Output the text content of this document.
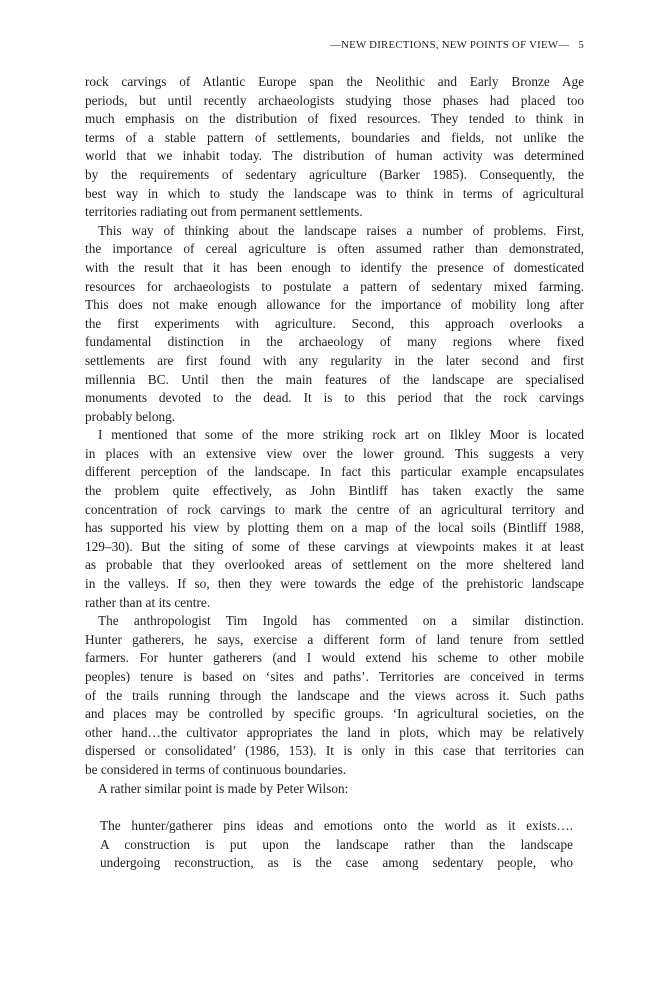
—NEW DIRECTIONS, NEW POINTS OF VIEW— 5
rock carvings of Atlantic Europe span the Neolithic and Early Bronze Age
periods, but until recently archaeologists studying those phases had placed too
much emphasis on the distribution of fixed resources. They tended to think in
terms of a stable pattern of settlements, boundaries and fields, not unlike the
world that we inhabit today. The distribution of human activity was determined
by the requirements of sedentary agriculture (Barker 1985). Consequently, the
best way in which to study the landscape was to think in terms of agricultural
territories radiating out from permanent settlements.
This way of thinking about the landscape raises a number of problems. First,
the importance of cereal agriculture is often assumed rather than demonstrated,
with the result that it has been enough to identify the presence of domesticated
resources for archaeologists to postulate a pattern of sedentary mixed farming.
This does not make enough allowance for the importance of mobility long after
the first experiments with agriculture. Second, this approach overlooks a
fundamental distinction in the archaeology of many regions where fixed
settlements are first found with any regularity in the later second and first
millennia BC. Until then the main features of the landscape are specialised
monuments devoted to the dead. It is to this period that the rock carvings
probably belong.
I mentioned that some of the more striking rock art on Ilkley Moor is located
in places with an extensive view over the lower ground. This suggests a very
different perception of the landscape. In fact this particular example encapsulates
the problem quite effectively, as John Bintliff has taken exactly the same
concentration of rock carvings to mark the centre of an agricultural territory and
has supported his view by plotting them on a map of the local soils (Bintliff 1988,
129–30). But the siting of some of these carvings at viewpoints makes it at least
as probable that they overlooked areas of settlement on the more sheltered land
in the valleys. If so, then they were towards the edge of the prehistoric landscape
rather than at its centre.
The anthropologist Tim Ingold has commented on a similar distinction.
Hunter gatherers, he says, exercise a different form of land tenure from settled
farmers. For hunter gatherers (and I would extend his scheme to other mobile
peoples) tenure is based on ‘sites and paths’. Territories are conceived in terms
of the trails running through the landscape and the views across it. Such paths
and places may be controlled by specific groups. ‘In agricultural societies, on the
other hand…the cultivator appropriates the land in plots, which may be relatively
dispersed or consolidated’ (1986, 153). It is only in this case that territories can
be considered in terms of continuous boundaries.
A rather similar point is made by Peter Wilson:
The hunter/gatherer pins ideas and emotions onto the world as it exists….
A construction is put upon the landscape rather than the landscape
undergoing reconstruction, as is the case among sedentary people, who
